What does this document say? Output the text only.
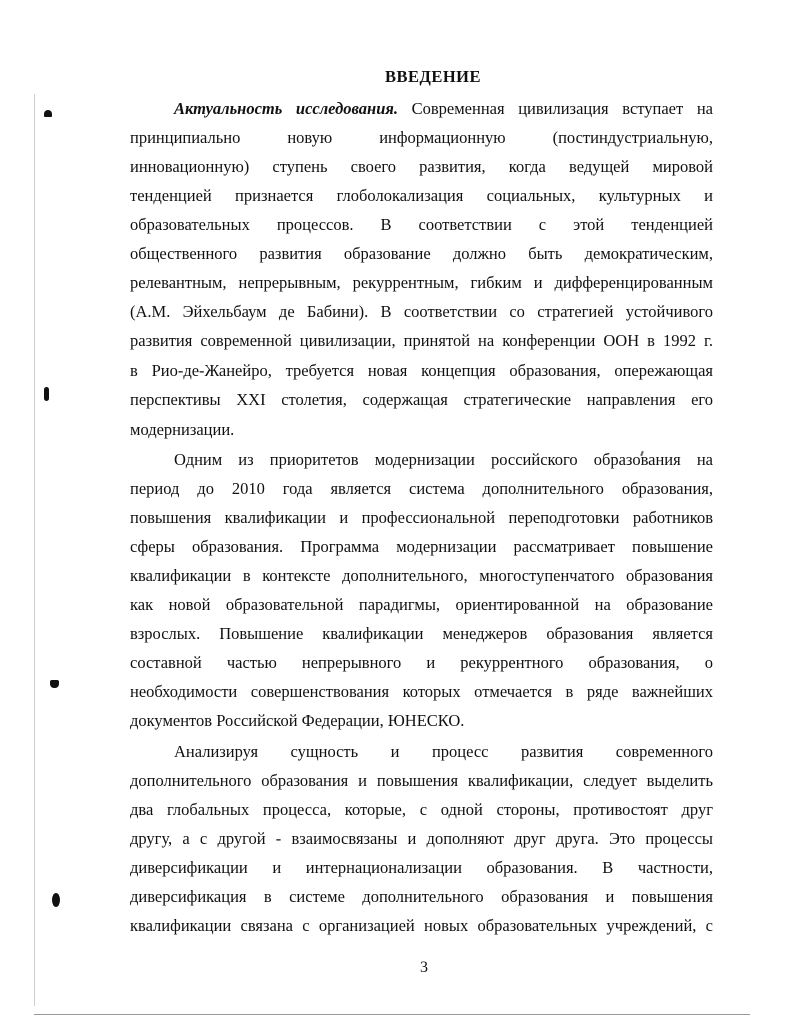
ВВЕДЕНИЕ
Актуальность исследования. Современная цивилизация вступает на
принципиально новую информационную (постиндустриальную,
инновационную) ступень своего развития, когда ведущей мировой
тенденцией признается глоболокализация социальных, культурных и
образовательных процессов. В соответствии с этой тенденцией
общественного развития образование должно быть демократическим,
релевантным, непрерывным, рекуррентным, гибким и дифференцированным
(А.М. Эйхельбаум де Бабини). В соответствии со стратегией устойчивого
развития современной цивилизации, принятой на конференции ООН в 1992 г.
в Рио-де-Жанейро, требуется новая концепция образования, опережающая
перспективы XXI столетия, содержащая стратегические направления его
модернизации.
Одним из приоритетов модернизации российского образования на
период до 2010 года является система дополнительного образования,
повышения квалификации и профессиональной переподготовки работников
сферы образования. Программа модернизации рассматривает повышение
квалификации в контексте дополнительного, многоступенчатого образования
как новой образовательной парадигмы, ориентированной на образование
взрослых. Повышение квалификации менеджеров образования является
составной частью непрерывного и рекуррентного образования, о
необходимости совершенствования которых отмечается в ряде важнейших
документов Российской Федерации, ЮНЕСКО.
Анализируя сущность и процесс развития современного
дополнительного образования и повышения квалификации, следует выделить
два глобальных процесса, которые, с одной стороны, противостоят друг
другу, а с другой - взаимосвязаны и дополняют друг друга. Это процессы
диверсификации и интернационализации образования. В частности,
диверсификация в системе дополнительного образования и повышения
квалификации связана с организацией новых образовательных учреждений, с
3
